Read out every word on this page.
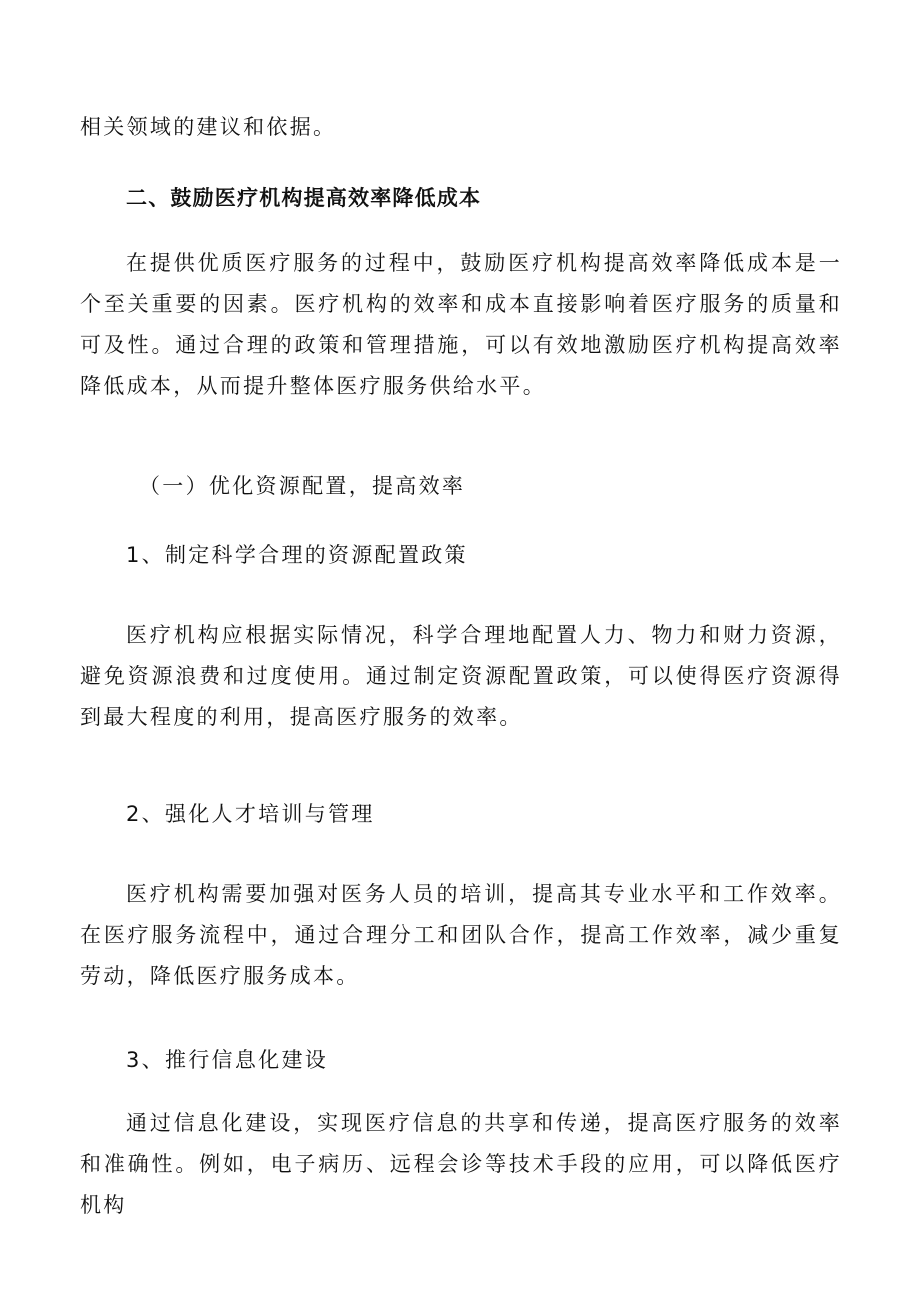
相关领域的建议和依据。

二、鼓励医疗机构提高效率降低成本

在提供优质医疗服务的过程中，鼓励医疗机构提高效率降低成本是一个至关重要的因素。医疗机构的效率和成本直接影响着医疗服务的质量和可及性。通过合理的政策和管理措施，可以有效地激励医疗机构提高效率降低成本，从而提升整体医疗服务供给水平。

（一）优化资源配置，提高效率

1、制定科学合理的资源配置政策

医疗机构应根据实际情况，科学合理地配置人力、物力和财力资源，避免资源浪费和过度使用。通过制定资源配置政策，可以使得医疗资源得到最大程度的利用，提高医疗服务的效率。

2、强化人才培训与管理

医疗机构需要加强对医务人员的培训，提高其专业水平和工作效率。在医疗服务流程中，通过合理分工和团队合作，提高工作效率，减少重复劳动，降低医疗服务成本。

3、推行信息化建设

通过信息化建设，实现医疗信息的共享和传递，提高医疗服务的效率和准确性。例如，电子病历、远程会诊等技术手段的应用，可以降低医疗机构
